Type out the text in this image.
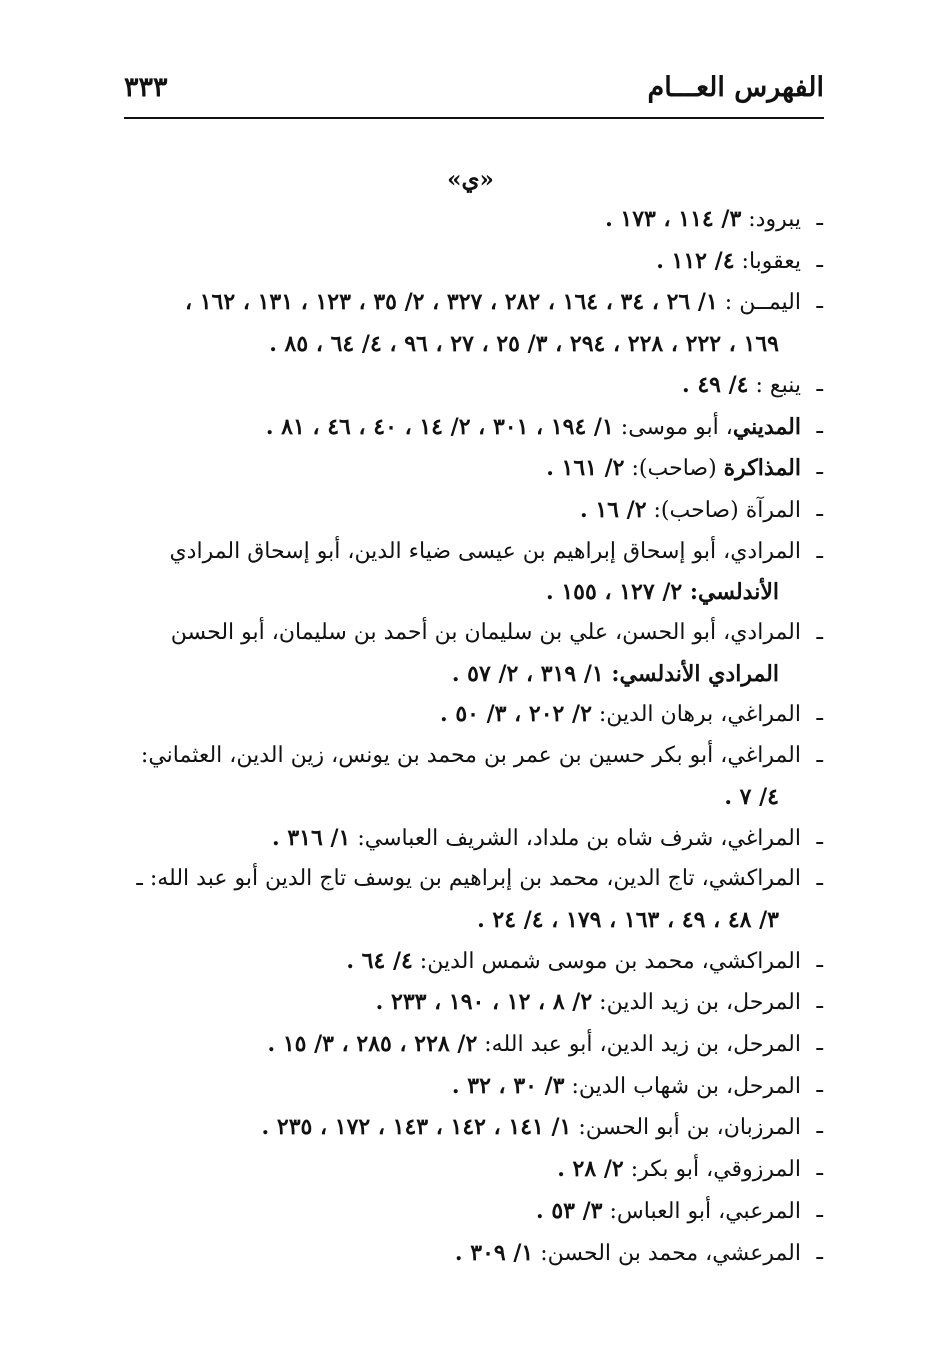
الفهرس العـــام
٣٣٣
«ي»
ـ
يبرود: ٣/ ١١٤ ، ١٧٣ .
ـ
يعقوبا: ٤/ ١١٢ .
ـ
اليمــن : ١/ ٢٦ ، ٣٤ ، ١٦٤ ، ٢٨٢ ، ٣٢٧ ، ٢/ ٣٥ ، ١٢٣ ، ١٣١ ، ١٦٢ ،
١٦٩ ، ٢٢٢ ، ٢٢٨ ، ٢٩٤ ، ٣/ ٢٥ ، ٢٧ ، ٩٦ ، ٤/ ٦٤ ، ٨٥ .
ـ
ينبع : ٤/ ٤٩ .
ـ
المديني، أبو موسى: ١/ ١٩٤ ، ٣٠١ ، ٢/ ١٤ ، ٤٠ ، ٤٦ ، ٨١ .
ـ
المذاكرة (صاحب): ٢/ ١٦١ .
ـ
المرآة (صاحب): ٢/ ١٦ .
ـ
المرادي، أبو إسحاق إبراهيم بن عيسى ضياء الدين، أبو إسحاق المرادي
الأندلسي: ٢/ ١٢٧ ، ١٥٥ .
ـ
المرادي، أبو الحسن، علي بن سليمان بن أحمد بن سليمان، أبو الحسن
المرادي الأندلسي: ١/ ٣١٩ ، ٢/ ٥٧ .
ـ
المراغي، برهان الدين: ٢/ ٢٠٢ ، ٣/ ٥٠ .
ـ
المراغي، أبو بكر حسين بن عمر بن محمد بن يونس، زين الدين، العثماني:
٤/ ٧ .
ـ
المراغي، شرف شاه بن ملداد، الشريف العباسي: ١/ ٣١٦ .
ـ
المراكشي، تاج الدين، محمد بن إبراهيم بن يوسف تاج الدين أبو عبد الله: ـ
٣/ ٤٨ ، ٤٩ ، ١٦٣ ، ١٧٩ ، ٤/ ٢٤ .
ـ
المراكشي، محمد بن موسى شمس الدين: ٤/ ٦٤ .
ـ
المرحل، بن زيد الدين: ٢/ ٨ ، ١٢ ، ١٩٠ ، ٢٣٣ .
ـ
المرحل، بن زيد الدين، أبو عبد الله: ٢/ ٢٢٨ ، ٢٨٥ ، ٣/ ١٥ .
ـ
المرحل، بن شهاب الدين: ٣/ ٣٠ ، ٣٢ .
ـ
المرزبان، بن أبو الحسن: ١/ ١٤١ ، ١٤٢ ، ١٤٣ ، ١٧٢ ، ٢٣٥ .
ـ
المرزوقي، أبو بكر: ٢/ ٢٨ .
ـ
المرعبي، أبو العباس: ٣/ ٥٣ .
ـ
المرعشي، محمد بن الحسن: ١/ ٣٠٩ .
